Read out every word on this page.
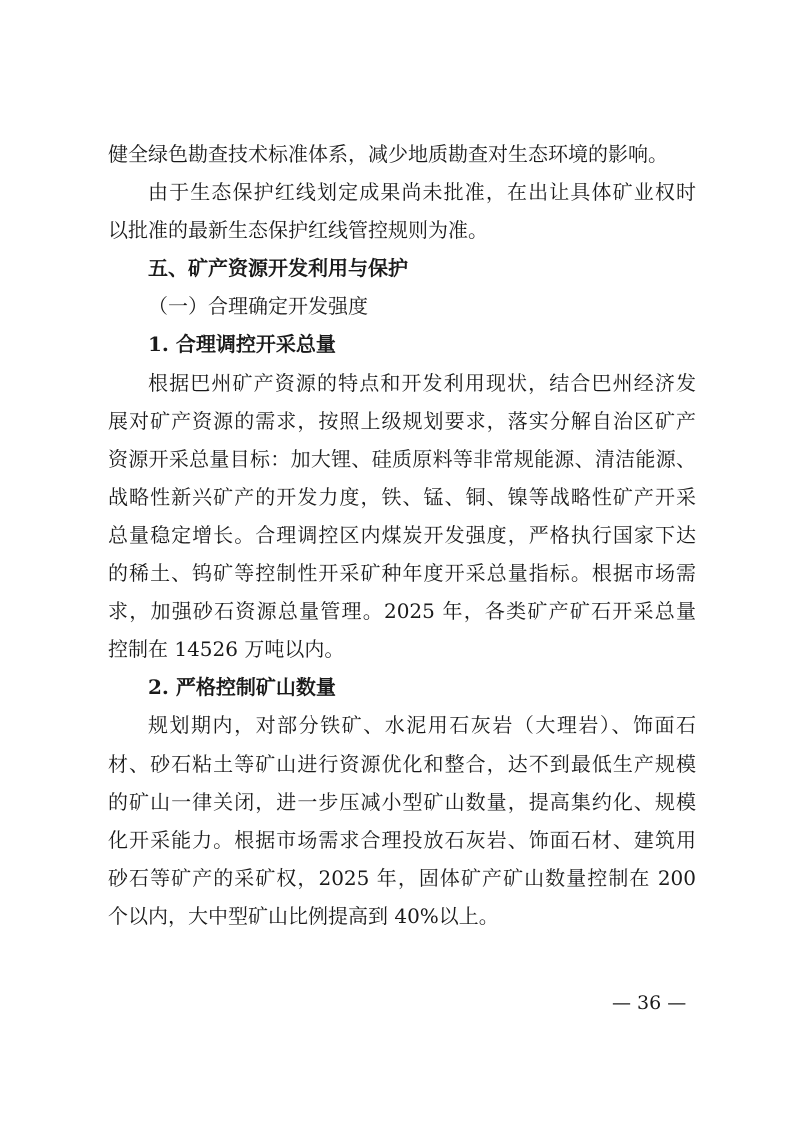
健全绿色勘查技术标准体系，减少地质勘查对生态环境的影响。
由于生态保护红线划定成果尚未批准，在出让具体矿业权时
以批准的最新生态保护红线管控规则为准。
五、矿产资源开发利用与保护
（一）合理确定开发强度
1. 合理调控开采总量
根据巴州矿产资源的特点和开发利用现状，结合巴州经济发
展对矿产资源的需求，按照上级规划要求，落实分解自治区矿产
资源开采总量目标：加大锂、硅质原料等非常规能源、清洁能源、
战略性新兴矿产的开发力度，铁、锰、铜、镍等战略性矿产开采
总量稳定增长。合理调控区内煤炭开发强度，严格执行国家下达
的稀土、钨矿等控制性开采矿种年度开采总量指标。根据市场需
求，加强砂石资源总量管理。2025 年，各类矿产矿石开采总量
控制在 14526 万吨以内。
2. 严格控制矿山数量
规划期内，对部分铁矿、水泥用石灰岩（大理岩）、饰面石
材、砂石粘土等矿山进行资源优化和整合，达不到最低生产规模
的矿山一律关闭，进一步压减小型矿山数量，提高集约化、规模
化开采能力。根据市场需求合理投放石灰岩、饰面石材、建筑用
砂石等矿产的采矿权，2025 年，固体矿产矿山数量控制在 200
个以内，大中型矿山比例提高到 40%以上。
— 36 —
